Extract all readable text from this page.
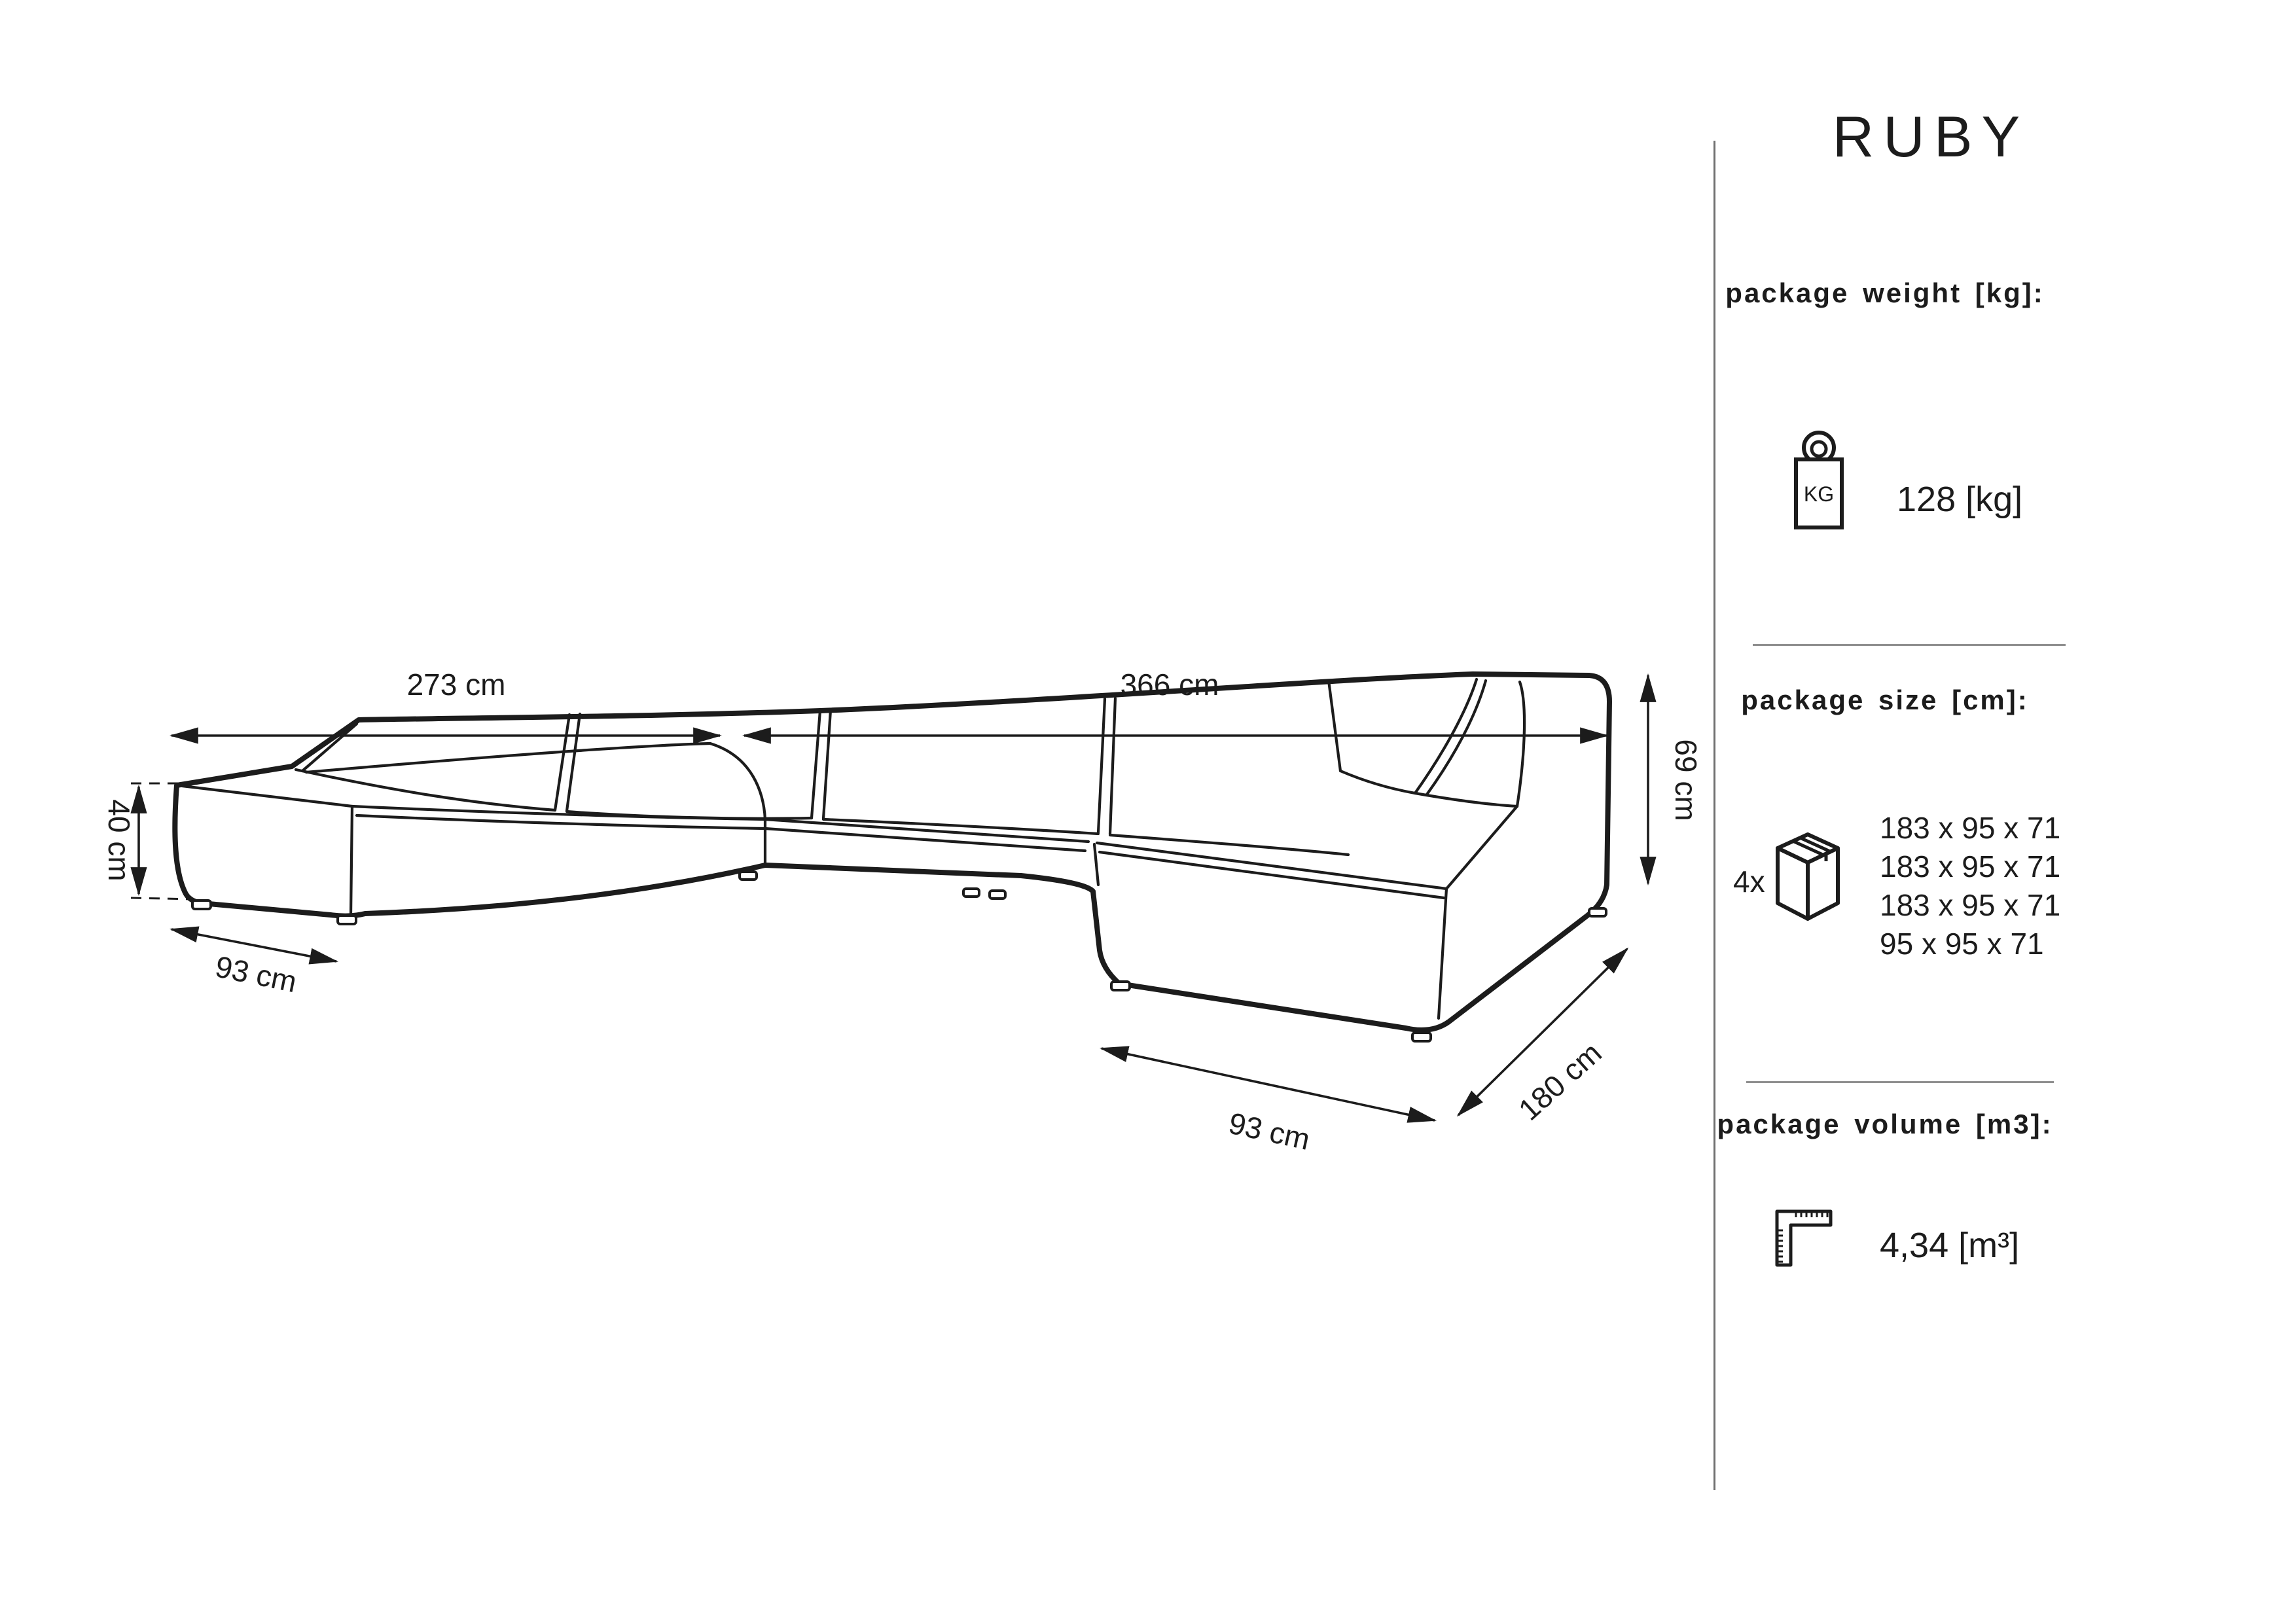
273 cm	366 cm
40 cm
69 cm
93 cm
93 cm
180 cm
RUBY
package weight [kg]:
KG 128 [kg]
package size [cm]:
4x
183 x 95 x 71
183 x 95 x 71
183 x 95 x 71
95 x 95 x 71
package volume [m3]:
4,34 [m³]
